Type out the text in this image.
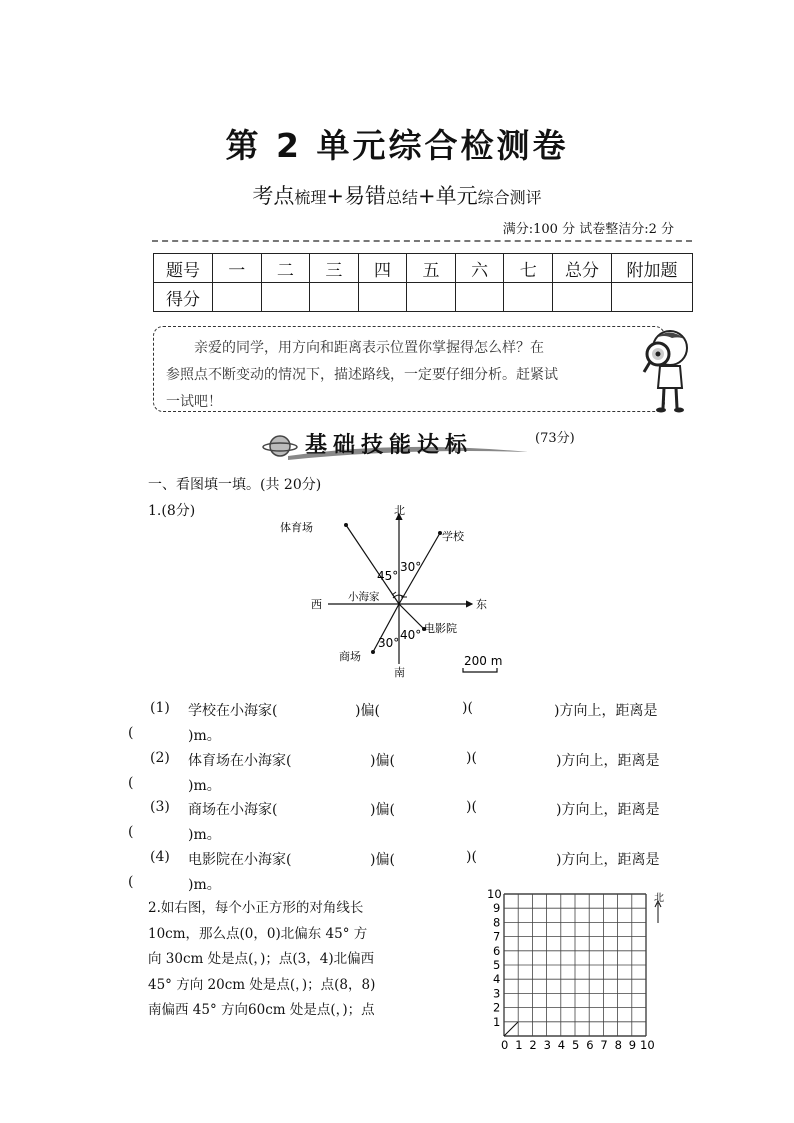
第 2 单元综合检测卷
考点梳理+易错总结+单元综合测评
满分:100 分 试卷整洁分:2 分
题号	一	二	三	四	五	六	七	总分	附加题
得分									
亲爱的同学，用方向和距离表示位置你掌握得怎么样？在
参照点不断变动的情况下，描述路线，一定要仔细分析。赶紧试
一试吧！
基础技能达标	(73分)
一、看图填一填。(共 20分)
1.(8分)	北
南
东
西
小海家
学校
体育场
电影院
商场
30°
45°
40°
30°
200 m
(1) 学校在小海家(	)偏(	)(	)方向上，距离是
(	)m。
(2) 体育场在小海家(	)偏(	)(	)方向上，距离是
(	)m。
(3) 商场在小海家(	)偏(	)(	)方向上，距离是
(	)m。
(4) 电影院在小海家(	)偏(	)(	)方向上，距离是
(	)m。
2.如右图，每个小正方形的对角线长
10cm，那么点(0，0)北偏东 45° 方
向 30cm 处是点(，)；点(3，4)北偏西
45° 方向 20cm 处是点(，)；点(8，8)
南偏西 45° 方向60cm 处是点(，)；点
0 1 2 3 4 5 6 7 8 9 10
1
2
3
4
5
6
7
8
9
10	北
